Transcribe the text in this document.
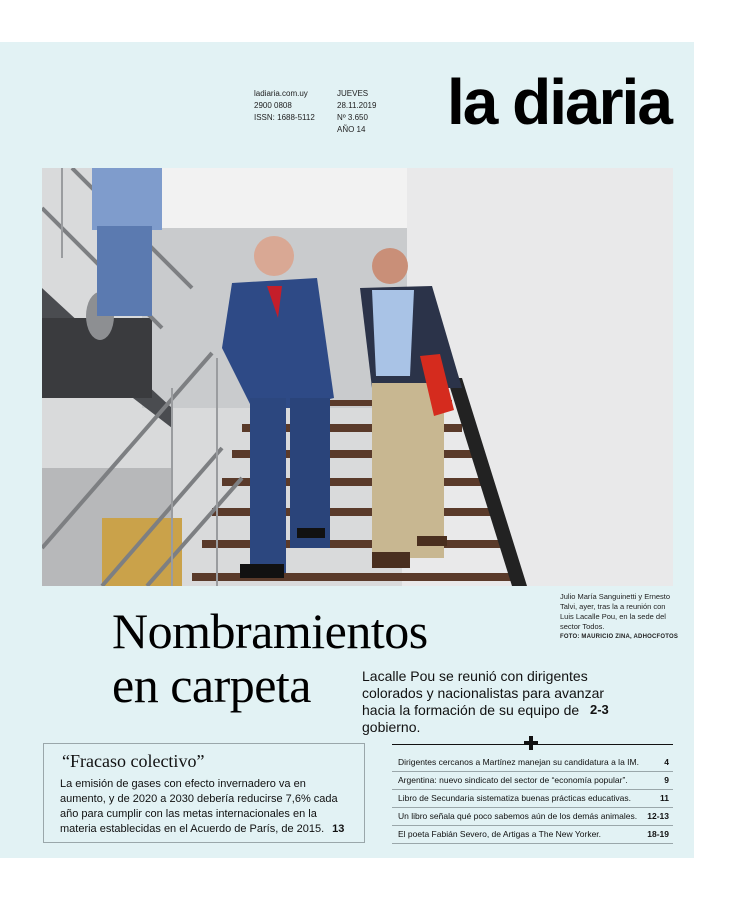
ladiaria.com.uy
2900 0808
ISSN: 1688-5112
JUEVES
28.11.2019
Nº 3.650
AÑO 14 la diaria
Julio María Sanguinetti y Ernesto Talvi, ayer, tras la a reunión con Luis Lacalle Pou, en la sede del sector Todos.
FOTO: MAURICIO ZINA, ADHOCFOTOS
Nombramientos
en carpeta	Lacalle Pou se reunió con dirigentes colorados y nacionalistas para avanzar hacia la formación de su equipo de gobierno.
2-3
“Fracaso colectivo”
La emisión de gases con efecto invernadero va en aumento, y de 2020 a 2030 debería reducirse 7,6% cada año para cumplir con las metas internacionales en la materia establecidas en el Acuerdo de París, de 2015. 13
Dirigentes cercanos a Martínez manejan su candidatura a la IM.	4
Argentina: nuevo sindicato del sector de “economía popular”.	9
Libro de Secundaria sistematiza buenas prácticas educativas.	11
Un libro señala qué poco sabemos aún de los demás animales. 12-13
El poeta Fabián Severo, de Artigas a The New Yorker.	18-19
